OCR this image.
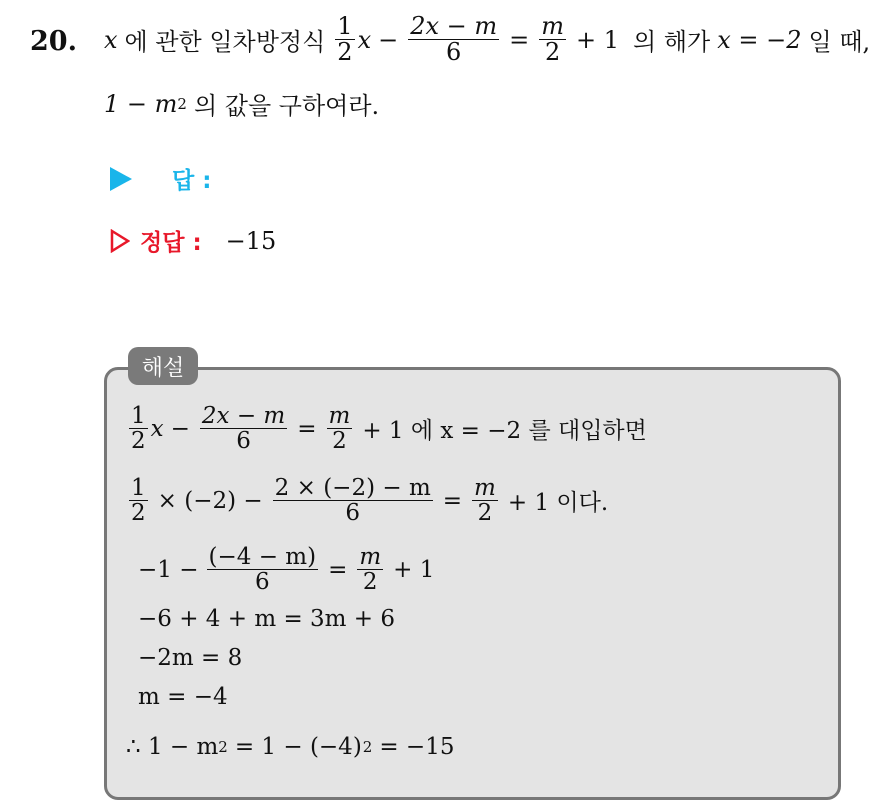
20. x 에 관한 일차방정식 $\frac{1}{2}$ $x - \frac{2x - m}{6} = \frac{m}{2} + 1$ 의 해가 x = −2 일 때,
1 − m 2 의 값을 구하여라.
답 :
정답 : −15
해설
$\frac{1}{2}$ $x - \frac{2x - m}{6} = \frac{m}{2} + 1$ 에 x = −2 를 대입하면
$\frac{1}{2} \times (-2) - \frac{2 \times (-2) - m}{6} = \frac{m}{2} + 1$ 이다.
$-1 - \frac{(-4 - m)}{6} = \frac{m}{2} + 1$
−6 + 4 + m = 3m + 6
−2m = 8
m = −4
∴ 1 − m 2 = 1 − (−4) 2 = −15
